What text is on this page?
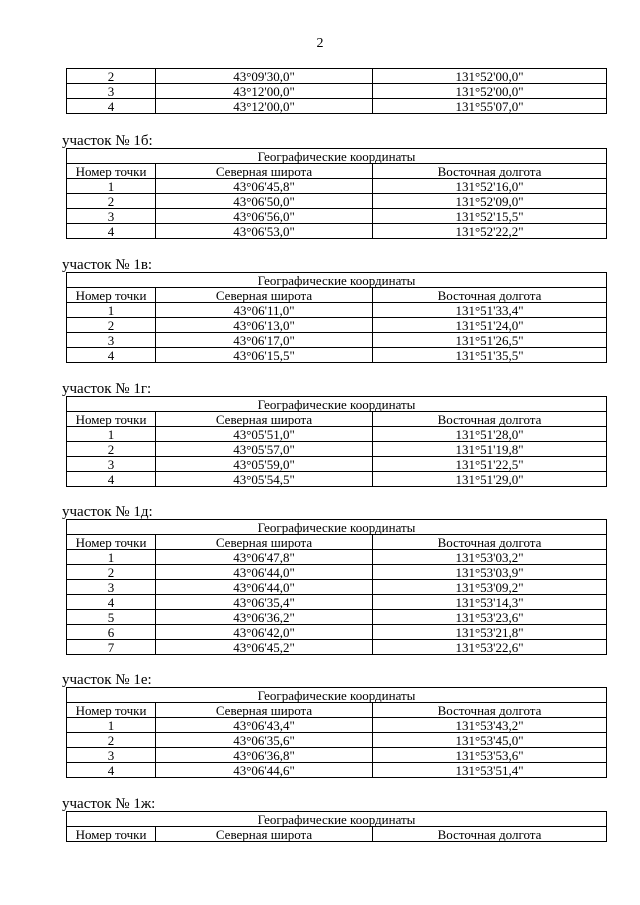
2
2	43°09'30,0"	131°52'00,0"
3	43°12'00,0"	131°52'00,0"
4	43°12'00,0"	131°55'07,0"
участок № 1б:
Географические координаты		
Номер точки	Северная широта	Восточная долгота
1	43°06'45,8"	131°52'16,0"
2	43°06'50,0"	131°52'09,0"
3	43°06'56,0"	131°52'15,5"
4	43°06'53,0"	131°52'22,2"
участок № 1в:
Географические координаты		
Номер точки	Северная широта	Восточная долгота
1	43°06'11,0"	131°51'33,4"
2	43°06'13,0"	131°51'24,0"
3	43°06'17,0"	131°51'26,5"
4	43°06'15,5"	131°51'35,5"
участок № 1г:
Географические координаты		
Номер точки	Северная широта	Восточная долгота
1	43°05'51,0"	131°51'28,0"
2	43°05'57,0"	131°51'19,8"
3	43°05'59,0"	131°51'22,5"
4	43°05'54,5"	131°51'29,0"
участок № 1д:
Географические координаты		
Номер точки	Северная широта	Восточная долгота
1	43°06'47,8"	131°53'03,2"
2	43°06'44,0"	131°53'03,9"
3	43°06'44,0"	131°53'09,2"
4	43°06'35,4"	131°53'14,3"
5	43°06'36,2"	131°53'23,6"
6	43°06'42,0"	131°53'21,8"
7	43°06'45,2"	131°53'22,6"
участок № 1е:
Географические координаты		
Номер точки	Северная широта	Восточная долгота
1	43°06'43,4"	131°53'43,2"
2	43°06'35,6"	131°53'45,0"
3	43°06'36,8"	131°53'53,6"
4	43°06'44,6"	131°53'51,4"
участок № 1ж:
Географические координаты
Номер точки	Северная широта	Восточная долгота
